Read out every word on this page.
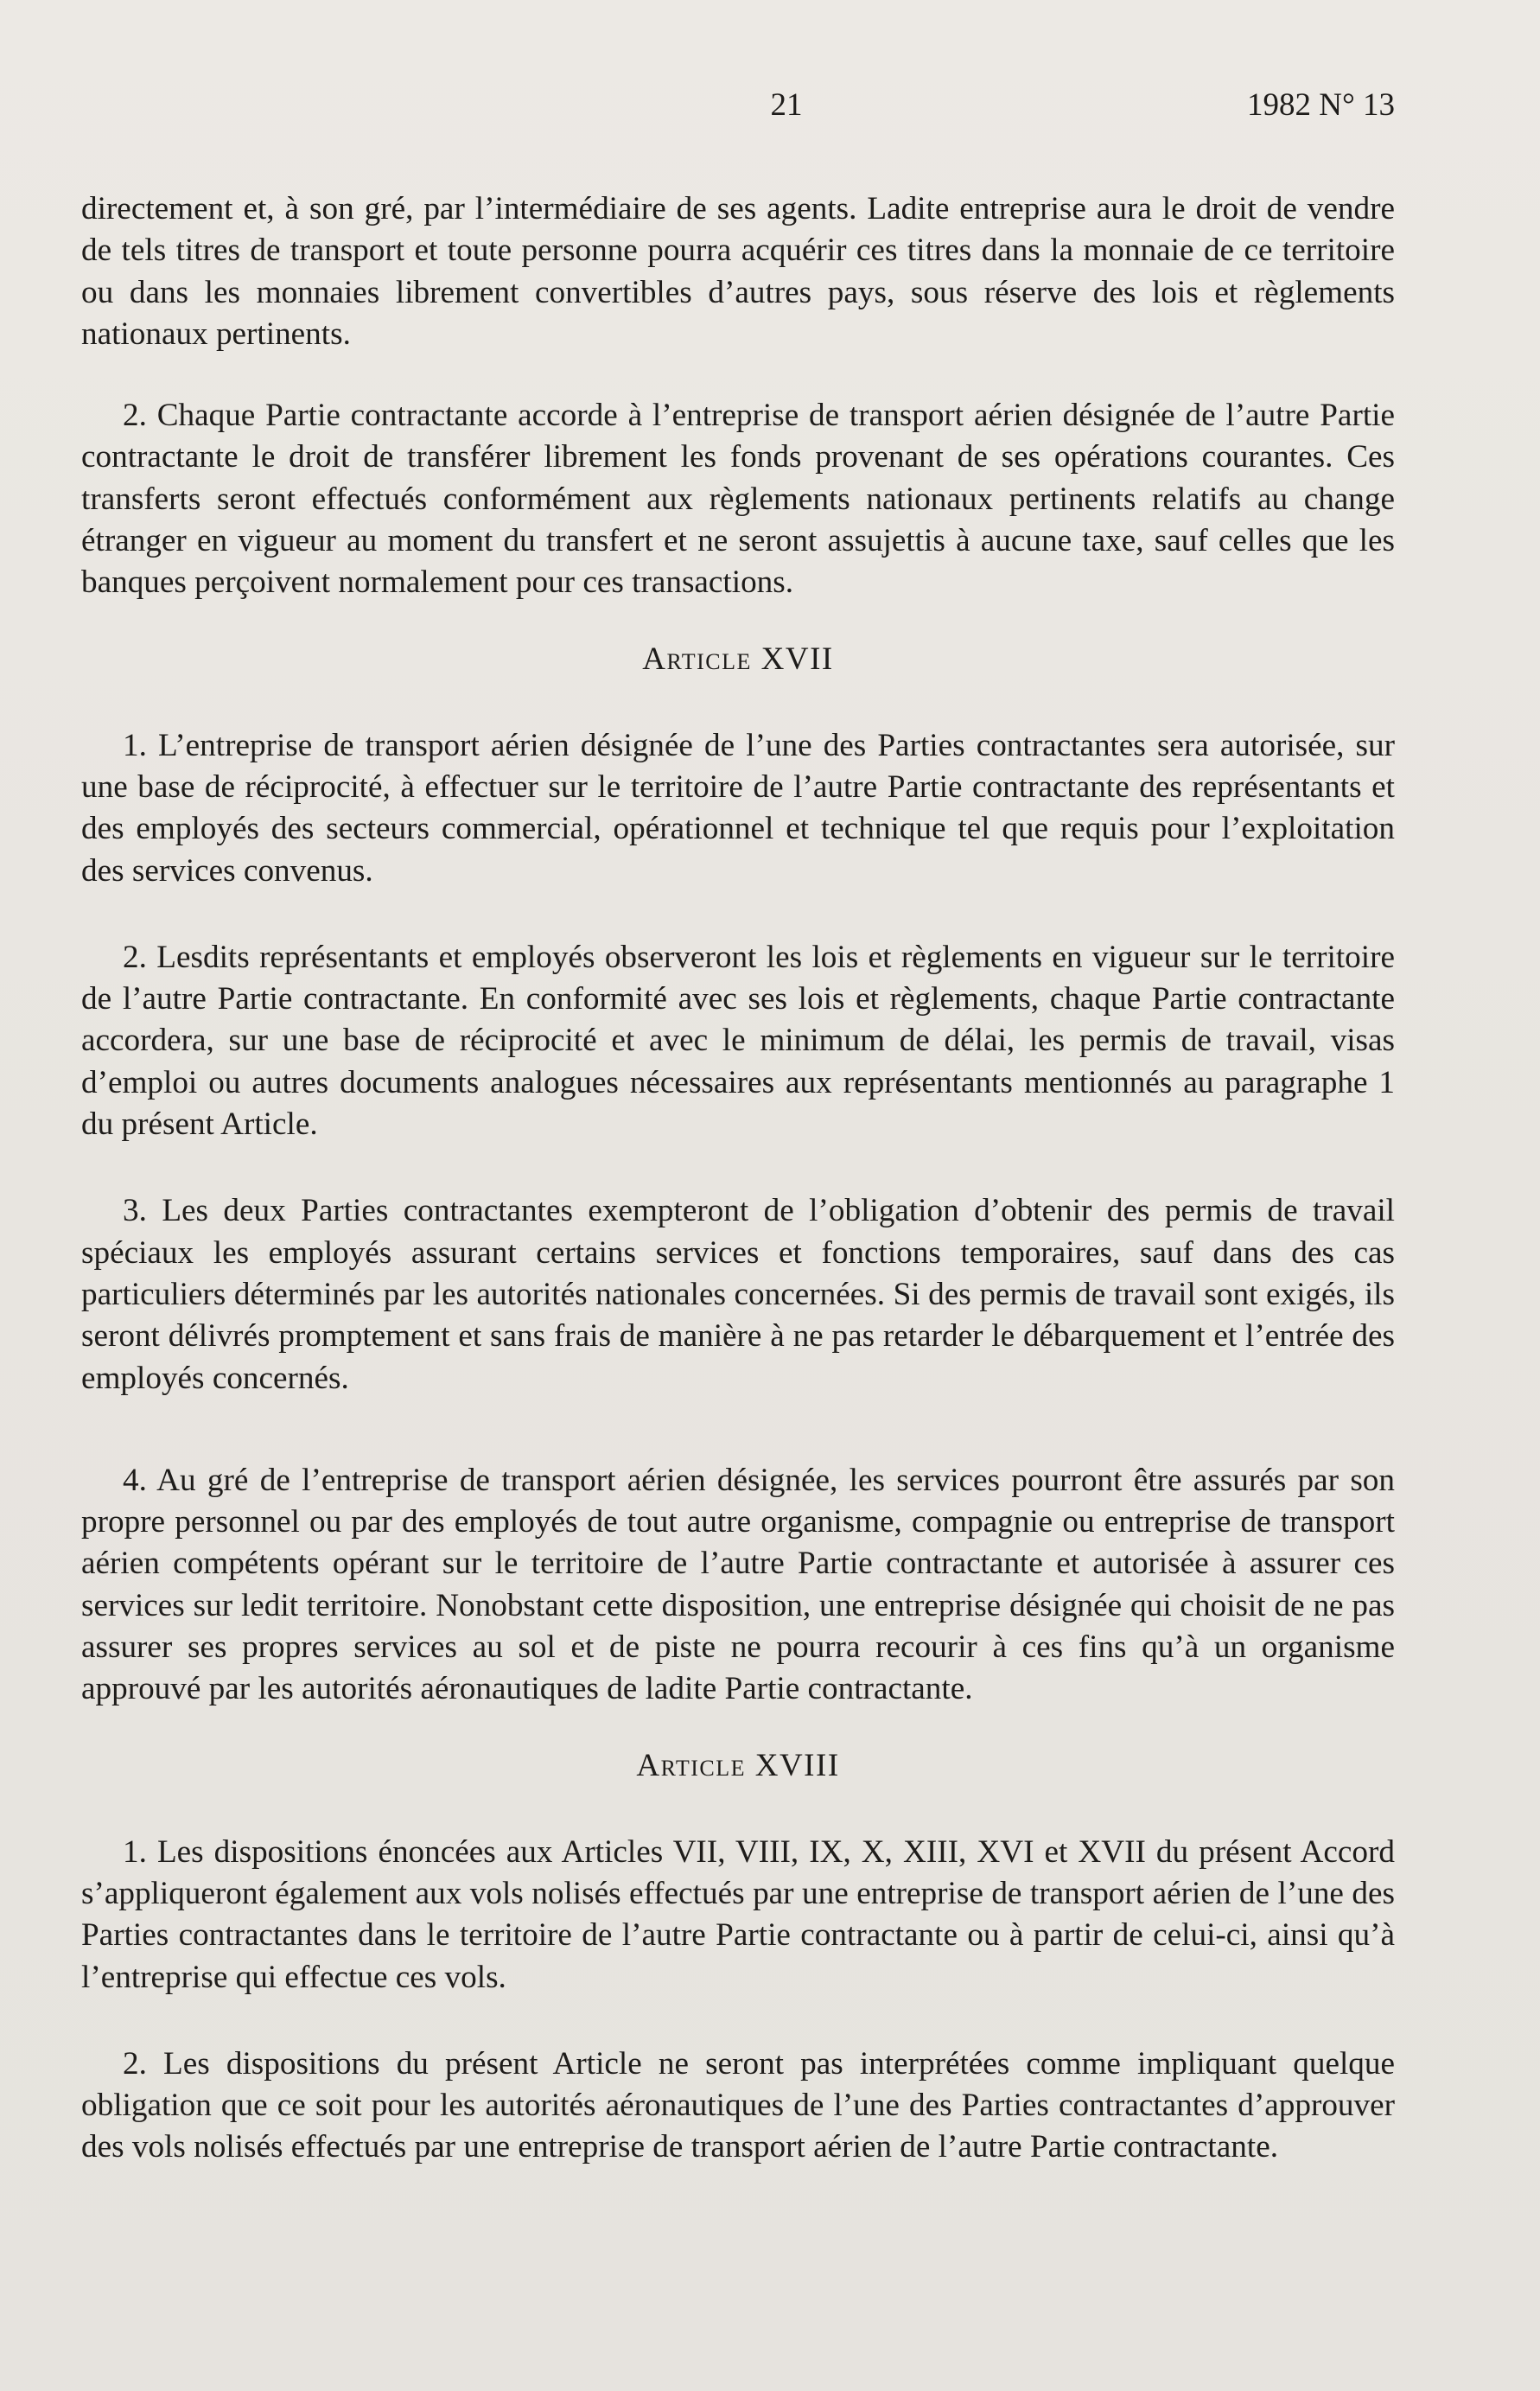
21	1982 N° 13

directement et, à son gré, par l’intermédiaire de ses agents. Ladite entreprise aura le droit de vendre de tels titres de transport et toute personne pourra acquérir ces titres dans la monnaie de ce territoire ou dans les monnaies librement convertibles d’autres pays, sous réserve des lois et règlements nationaux pertinents.

2. Chaque Partie contractante accorde à l’entreprise de transport aérien désignée de l’autre Partie contractante le droit de transférer librement les fonds provenant de ses opérations courantes. Ces transferts seront effectués conformément aux règlements nationaux pertinents relatifs au change étranger en vigueur au moment du transfert et ne seront assujettis à aucune taxe, sauf celles que les banques perçoivent normalement pour ces transactions.

Article XVII

1. L’entreprise de transport aérien désignée de l’une des Parties contractantes sera autorisée, sur une base de réciprocité, à effectuer sur le territoire de l’autre Partie contractante des représentants et des employés des secteurs commercial, opérationnel et technique tel que requis pour l’exploitation des services convenus.

2. Lesdits représentants et employés observeront les lois et règlements en vigueur sur le territoire de l’autre Partie contractante. En conformité avec ses lois et règlements, chaque Partie contractante accordera, sur une base de réciprocité et avec le minimum de délai, les permis de travail, visas d’emploi ou autres documents analogues nécessaires aux représentants mentionnés au paragraphe 1 du présent Article.

3. Les deux Parties contractantes exempteront de l’obligation d’obtenir des permis de travail spéciaux les employés assurant certains services et fonctions temporaires, sauf dans des cas particuliers déterminés par les autorités nationales concernées. Si des permis de travail sont exigés, ils seront délivrés promptement et sans frais de manière à ne pas retarder le débarquement et l’entrée des employés concernés.

4. Au gré de l’entreprise de transport aérien désignée, les services pourront être assurés par son propre personnel ou par des employés de tout autre organisme, compagnie ou entreprise de transport aérien compétents opérant sur le territoire de l’autre Partie contractante et autorisée à assurer ces services sur ledit territoire. Nonobstant cette disposition, une entreprise désignée qui choisit de ne pas assurer ses propres services au sol et de piste ne pourra recourir à ces fins qu’à un organisme approuvé par les autorités aéronautiques de ladite Partie contractante.

Article XVIII

1. Les dispositions énoncées aux Articles VII, VIII, IX, X, XIII, XVI et XVII du présent Accord s’appliqueront également aux vols nolisés effectués par une entreprise de transport aérien de l’une des Parties contractantes dans le territoire de l’autre Partie contractante ou à partir de celui-ci, ainsi qu’à l’entreprise qui effectue ces vols.

2. Les dispositions du présent Article ne seront pas interprétées comme impliquant quelque obligation que ce soit pour les autorités aéronautiques de l’une des Parties contractantes d’approuver des vols nolisés effectués par une entreprise de transport aérien de l’autre Partie contractante.
